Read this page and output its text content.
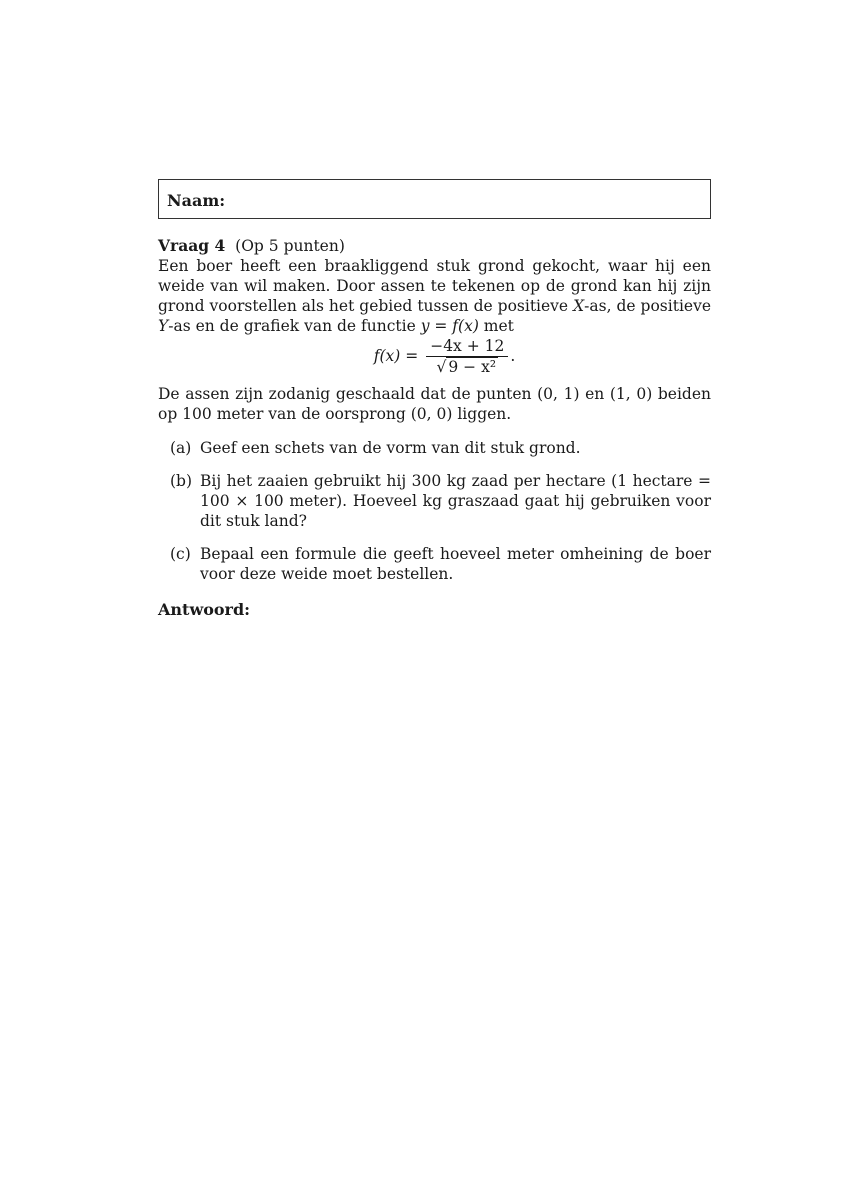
Naam:
Vraag 4 (Op 5 punten)
Een boer heeft een braakliggend stuk grond gekocht, waar hij een weide van wil maken. Door assen te tekenen op de grond kan hij zijn grond voorstellen als het gebied tussen de positieve X-as, de positieve Y-as en de grafiek van de functie y = f(x) met
$f(x) = \frac{-4x + 12}{\text{√ 9 − x²}}$ .
De assen zijn zodanig geschaald dat de punten (0, 1) en (1, 0) beiden op 100 meter van de oorsprong (0, 0) liggen.
(a) Geef een schets van de vorm van dit stuk grond.
(b) Bij het zaaien gebruikt hij 300 kg zaad per hectare (1 hectare = 100 × 100 meter). Hoeveel kg graszaad gaat hij gebruiken voor dit stuk land?
(c) Bepaal een formule die geeft hoeveel meter omheining de boer voor deze weide moet bestellen.
Antwoord:
